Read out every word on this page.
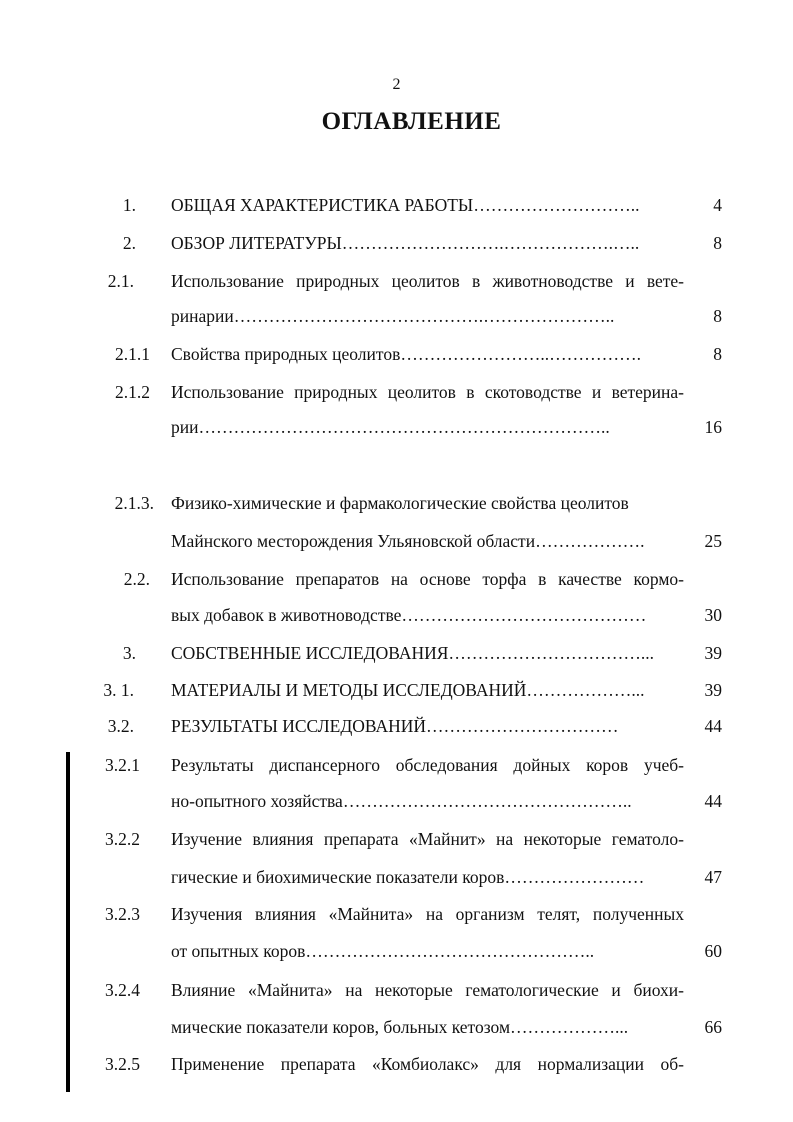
2
ОГЛАВЛЕНИЕ
1. ОБЩАЯ ХАРАКТЕРИСТИКА РАБОТЫ………………………..	4
2. ОБЗОР ЛИТЕРАТУРЫ……………………….……………….…..	8
2.1. Использование природных цеолитов в животноводстве и вете-
ринарии…………………………………….…………………..	8
2.1.1 Свойства природных цеолитов……………………..…………….	8
2.1.2 Использование природных цеолитов в скотоводстве и ветерина-
рии……………………………………………………………..	16
2.1.3. Физико-химические и фармакологические свойства цеолитов
Майнского месторождения Ульяновской области……………….	25
2.2. Использование препаратов на основе торфа в качестве кормо-
вых добавок в животноводстве……………………………………	30
3. СОБСТВЕННЫЕ ИССЛЕДОВАНИЯ……………………………...	39
3. 1. МАТЕРИАЛЫ И МЕТОДЫ ИССЛЕДОВАНИЙ………………...	39
3.2. РЕЗУЛЬТАТЫ ИССЛЕДОВАНИЙ……………………………	44
3.2.1 Результаты диспансерного обследования дойных коров учеб-
но-опытного хозяйства…………………………………………..	44
3.2.2 Изучение влияния препарата «Майнит» на некоторые гематоло-
гические и биохимические показатели коров……………………	47
3.2.3 Изучения влияния «Майнита» на организм телят, полученных
от опытных коров…………………………………………..	60
3.2.4 Влияние «Майнита» на некоторые гематологические и биохи-
мические показатели коров, больных кетозом………………...	66
3.2.5 Применение препарата «Комбиолакс» для нормализации об-
